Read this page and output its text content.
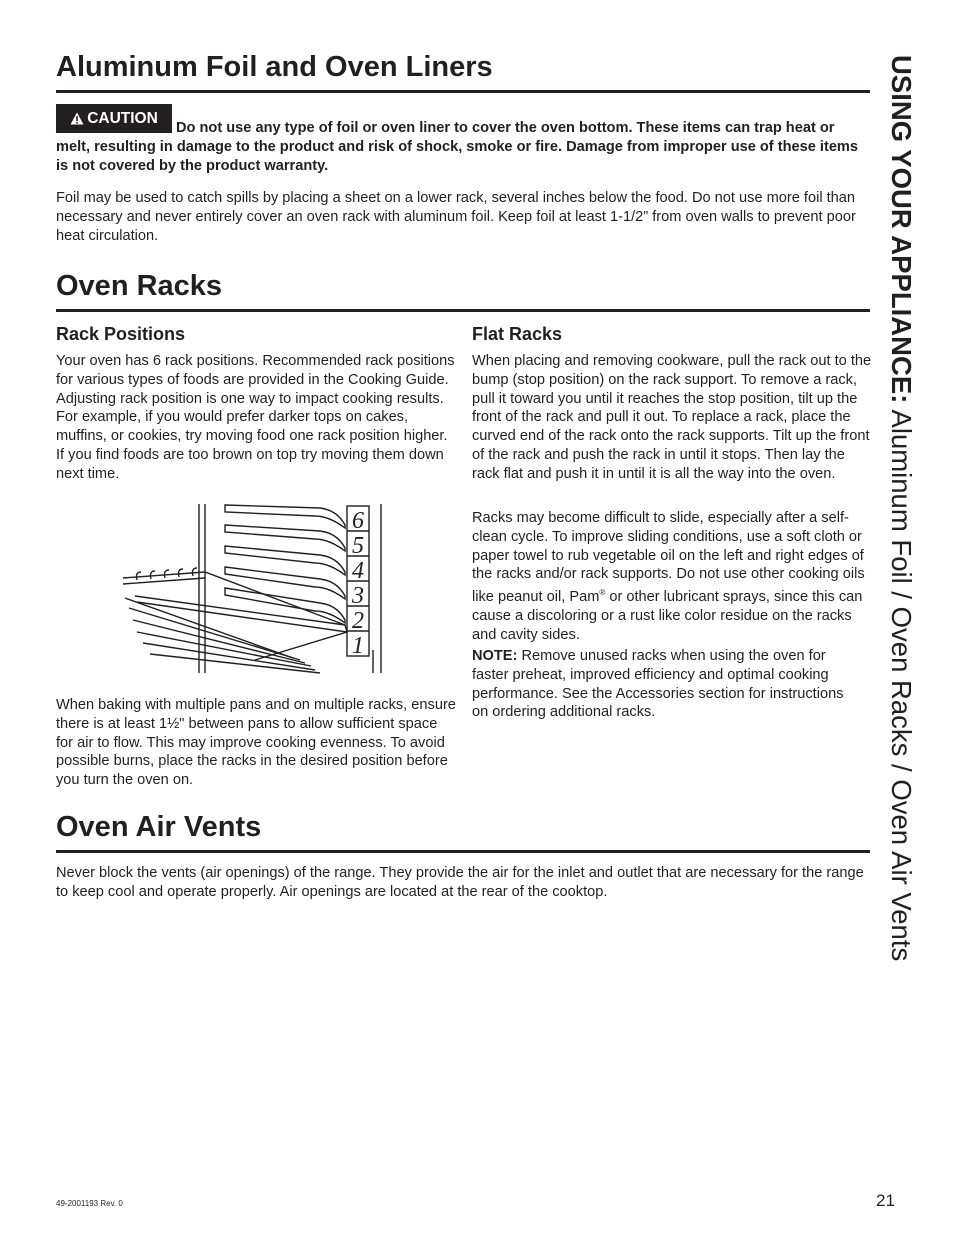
USING YOUR APPLIANCE: Aluminum Foil / Oven Racks / Oven Air Vents
Aluminum Foil and Oven Liners

Do not use any type of foil or oven liner to cover the oven bottom. These items can trap heat or melt, resulting in damage to the product and risk of shock, smoke or fire. Damage from improper use of these items is not covered by the product warranty.

CAUTION

Foil may be used to catch spills by placing a sheet on a lower rack, several inches below the food. Do not use more foil than necessary and never entirely cover an oven rack with aluminum foil. Keep foil at least 1-1/2” from oven walls to prevent poor heat circulation.

Oven Racks
Rack Positions

Your oven has 6 rack positions. Recommended rack positions for various types of foods are provided in the Cooking Guide. Adjusting rack position is one way to impact cooking results. For example, if you would prefer darker tops on cakes, muffins, or cookies, try moving food one rack position higher. If you find foods are too brown on top try moving them down next time.

6
5
4
3
2
1

When baking with multiple pans and on multiple racks, ensure there is at least 1½" between pans to allow sufficient space for air to flow. This may improve cooking evenness. To avoid possible burns, place the racks in the desired position before you turn the oven on.

Flat Racks

When placing and removing cookware, pull the rack out to the bump (stop position) on the rack support. To remove a rack, pull it toward you until it reaches the stop position, tilt up the front of the rack and pull it out. To replace a rack, place the curved end of the rack onto the rack supports. Tilt up the front of the rack and push the rack in until it stops. Then lay the rack flat and push it in until it is all the way into the oven.

Racks may become difficult to slide, especially after a self-clean cycle. To improve sliding conditions, use a soft cloth or paper towel to rub vegetable oil on the left and right edges of the racks and/or rack supports. Do not use other cooking oils like peanut oil, Pam® or other lubricant sprays, since this can cause a discoloring or a rust like color residue on the racks and cavity sides.

NOTE: Remove unused racks when using the oven for faster preheat, improved efficiency and optimal cooking performance. See the Accessories section for instructions on ordering additional racks.

Oven Air Vents

Never block the vents (air openings) of the range. They provide the air for the inlet and outlet that are necessary for the range to keep cool and operate properly. Air openings are located at the rear of the cooktop.

49-2001193 Rev. 0	21
